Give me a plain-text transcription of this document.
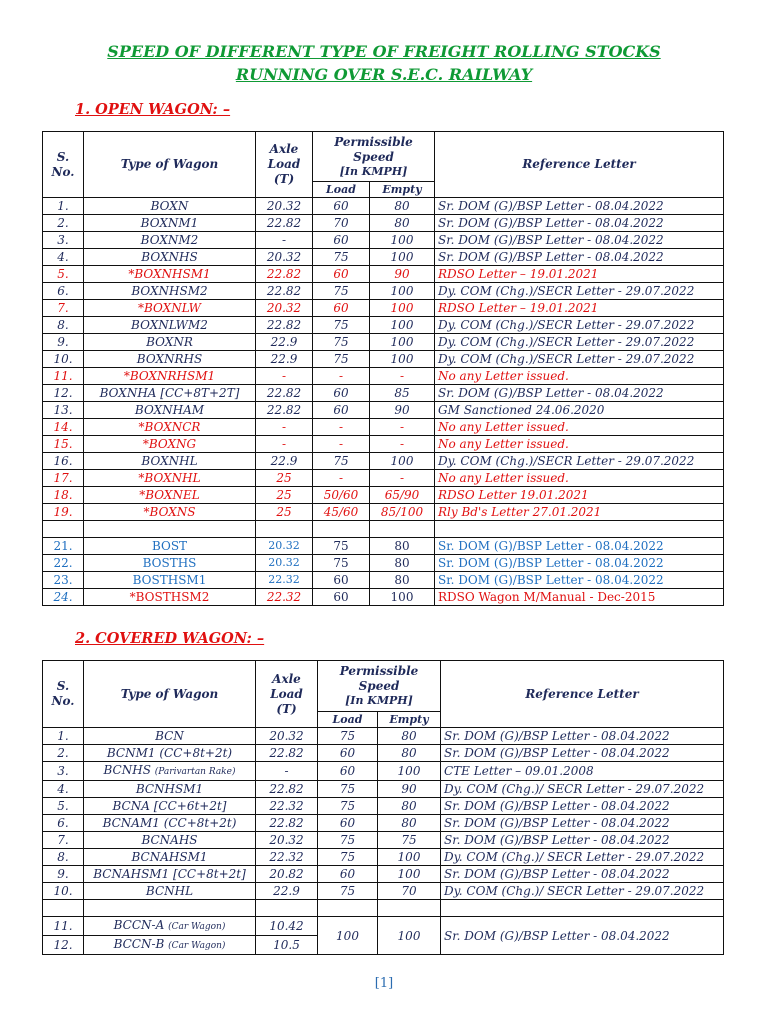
SPEED OF DIFFERENT TYPE OF FREIGHT ROLLING STOCKS
RUNNING OVER S.E.C. RAILWAY
1. OPEN WAGON: –
S. No.	Type of Wagon	Axle Load (T)	Permissible Speed
[In KMPH]		Reference Letter
			Load	Empty	
1.	BOXN	20.32	60	80	Sr. DOM (G)/BSP Letter - 08.04.2022
2.	BOXNM1	22.82	70	80	Sr. DOM (G)/BSP Letter - 08.04.2022
3.	BOXNM2	-	60	100	Sr. DOM (G)/BSP Letter - 08.04.2022
4.	BOXNHS	20.32	75	100	Sr. DOM (G)/BSP Letter - 08.04.2022
5.	*BOXNHSM1	22.82	60	90	RDSO Letter – 19.01.2021
6.	BOXNHSM2	22.82	75	100	Dy. COM (Chg.)/SECR Letter - 29.07.2022
7.	*BOXNLW	20.32	60	100	RDSO Letter – 19.01.2021
8.	BOXNLWM2	22.82	75	100	Dy. COM (Chg.)/SECR Letter - 29.07.2022
9.	BOXNR	22.9	75	100	Dy. COM (Chg.)/SECR Letter - 29.07.2022
10.	BOXNRHS	22.9	75	100	Dy. COM (Chg.)/SECR Letter - 29.07.2022
11.	*BOXNRHSM1	-	-	-	No any Letter issued.
12.	BOXNHA [CC+8T+2T]	22.82	60	85	Sr. DOM (G)/BSP Letter - 08.04.2022
13.	BOXNHAM	22.82	60	90	GM Sanctioned 24.06.2020
14.	*BOXNCR	-	-	-	No any Letter issued.
15.	*BOXNG	-	-	-	No any Letter issued.
16.	BOXNHL	22.9	75	100	Dy. COM (Chg.)/SECR Letter - 29.07.2022
17.	*BOXNHL	25	-	-	No any Letter issued.
18.	*BOXNEL	25	50/60	65/90	RDSO Letter 19.01.2021
19.	*BOXNS	25	45/60	85/100	Rly Bd's Letter 27.01.2021

21.	BOST	20.32	75	80	Sr. DOM (G)/BSP Letter - 08.04.2022
22.	BOSTHS	20.32	75	80	Sr. DOM (G)/BSP Letter - 08.04.2022
23.	BOSTHSM1	22.32	60	80	Sr. DOM (G)/BSP Letter - 08.04.2022
24.	*BOSTHSM2	22.32	60	100	RDSO Wagon M/Manual - Dec-2015
2. COVERED WAGON: –
S. No.	Type of Wagon	Axle Load (T)	Permissible Speed
[In KMPH]		Reference Letter
			Load	Empty	
1.	BCN	20.32	75	80	Sr. DOM (G)/BSP Letter - 08.04.2022
2.	BCNM1 (CC+8t+2t)	22.82	60	80	Sr. DOM (G)/BSP Letter - 08.04.2022
3.	BCNHS (Parivartan Rake)	-	60	100	CTE Letter – 09.01.2008
4.	BCNHSM1	22.82	75	90	Dy. COM (Chg.)/ SECR Letter - 29.07.2022
5.	BCNA [CC+6t+2t]	22.32	75	80	Sr. DOM (G)/BSP Letter - 08.04.2022
6.	BCNAM1 (CC+8t+2t)	22.82	60	80	Sr. DOM (G)/BSP Letter - 08.04.2022
7.	BCNAHS	20.32	75	75	Sr. DOM (G)/BSP Letter - 08.04.2022
8.	BCNAHSM1	22.32	75	100	Dy. COM (Chg.)/ SECR Letter - 29.07.2022
9.	BCNAHSM1 [CC+8t+2t]	20.82	60	100	Sr. DOM (G)/BSP Letter - 08.04.2022
10.	BCNHL	22.9	75	70	Dy. COM (Chg.)/ SECR Letter - 29.07.2022

11.	BCCN-A (Car Wagon)	10.42	100	100	Sr. DOM (G)/BSP Letter - 08.04.2022
12.	BCCN-B (Car Wagon)	10.5			
[1]
